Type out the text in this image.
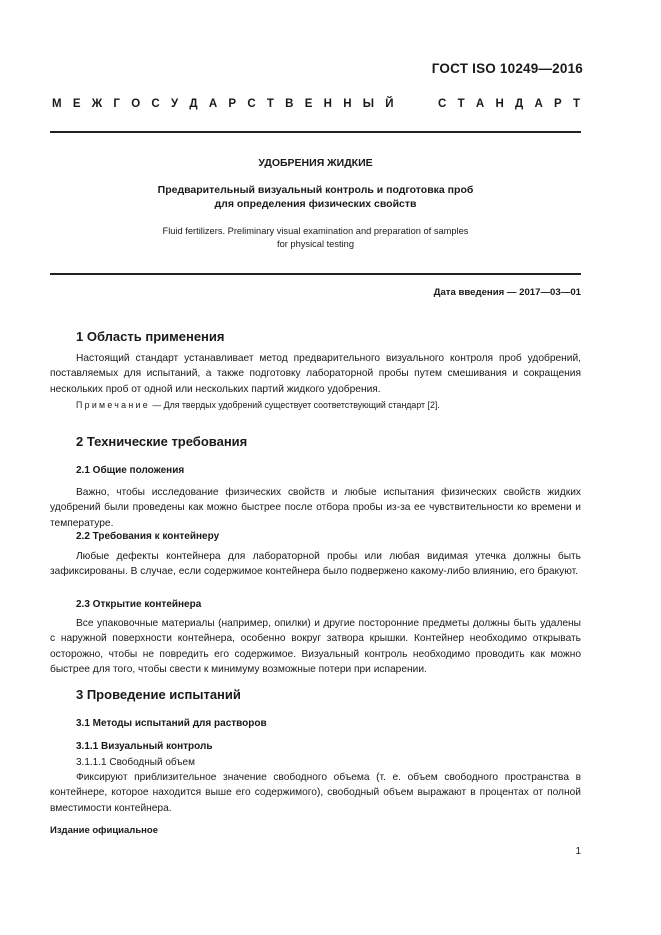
ГОСТ ISO 10249—2016
М Е Ж Г О С У Д А Р С Т В Е Н Н Ы Й	С Т А Н Д А Р Т
УДОБРЕНИЯ ЖИДКИЕ
Предварительный визуальный контроль и подготовка проб
для определения физических свойств
Fluid fertilizers. Preliminary visual examination and preparation of samples
for physical testing
Дата введения — 2017—03—01
1 Область применения
Настоящий стандарт устанавливает метод предварительного визуального контроля проб удобрений, поставляемых для испытаний, а также подготовку лабораторной пробы путем смешивания и сокращения нескольких проб от одной или нескольких партий жидкого удобрения.
Примечание — Для твердых удобрений существует соответствующий стандарт [2].
2 Технические требования
2.1 Общие положения
Важно, чтобы исследование физических свойств и любые испытания физических свойств жидких удобрений были проведены как можно быстрее после отбора пробы из-за ее чувствительности ко времени и температуре.
2.2 Требования к контейнеру
Любые дефекты контейнера для лабораторной пробы или любая видимая утечка должны быть зафиксированы. В случае, если содержимое контейнера было подвержено какому-либо влиянию, его бракуют.
2.3 Открытие контейнера
Все упаковочные материалы (например, опилки) и другие посторонние предметы должны быть удалены с наружной поверхности контейнера, особенно вокруг затвора крышки. Контейнер необходимо открывать осторожно, чтобы не повредить его содержимое. Визуальный контроль необходимо проводить как можно быстрее для того, чтобы свести к минимуму возможные потери при испарении.
3 Проведение испытаний
3.1 Методы испытаний для растворов
3.1.1 Визуальный контроль
3.1.1.1 Свободный объем
Фиксируют приблизительное значение свободного объема (т. е. объем свободного пространства в контейнере, которое находится выше его содержимого), свободный объем выражают в процентах от полной вместимости контейнера.
Издание официальное
1
